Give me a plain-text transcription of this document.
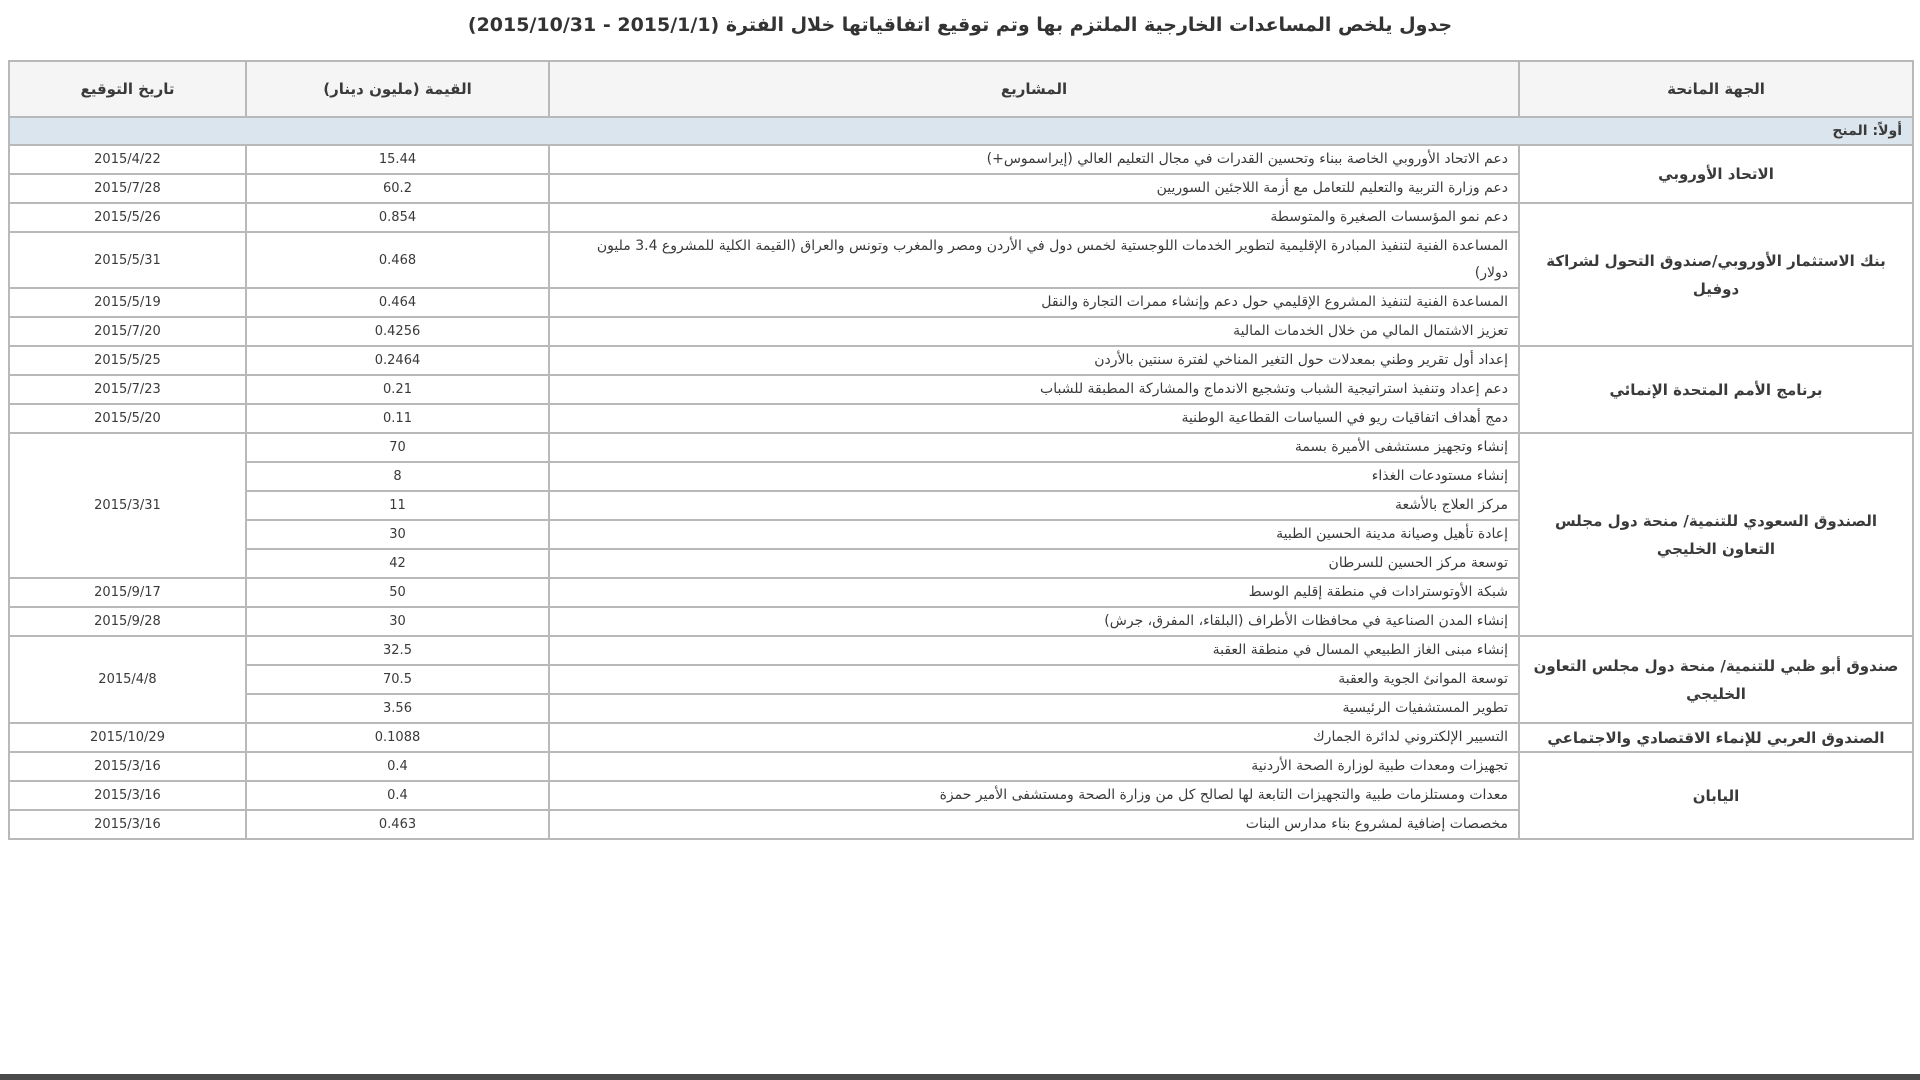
جدول يلخص المساعدات الخارجية الملتزم بها وتم توقيع اتفاقياتها خلال الفترة (2015/1/1 - 2015/10/31)
الجهة المانحة	المشاريع	القيمة (مليون دينار)	تاريخ التوقيع
أولاً: المنح			
الاتحاد الأوروبي	دعم الاتحاد الأوروبي الخاصة ببناء وتحسين القدرات في مجال التعليم العالي (إيراسموس+)	15.44	2015/4/22
	دعم وزارة التربية والتعليم للتعامل مع أزمة اللاجئين السوريين	60.2	2015/7/28
بنك الاستثمار الأوروبي/صندوق التحول لشراكة دوفيل	دعم نمو المؤسسات الصغيرة والمتوسطة	0.854	2015/5/26
	المساعدة الفنية لتنفيذ المبادرة الإقليمية لتطوير الخدمات اللوجستية لخمس دول في الأردن ومصر والمغرب وتونس والعراق (القيمة الكلية للمشروع 3.4 مليون دولار)	0.468	2015/5/31
	المساعدة الفنية لتنفيذ المشروع الإقليمي حول دعم وإنشاء ممرات التجارة والنقل	0.464	2015/5/19
	تعزيز الاشتمال المالي من خلال الخدمات المالية	0.4256	2015/7/20
برنامج الأمم المتحدة الإنمائي	إعداد أول تقرير وطني بمعدلات حول التغير المناخي لفترة سنتين بالأردن	0.2464	2015/5/25
	دعم إعداد وتنفيذ استراتيجية الشباب وتشجيع الاندماج والمشاركة المطبقة للشباب	0.21	2015/7/23
	دمج أهداف اتفاقيات ريو في السياسات القطاعية الوطنية	0.11	2015/5/20
الصندوق السعودي للتنمية/ منحة دول مجلس التعاون الخليجي	إنشاء وتجهيز مستشفى الأميرة بسمة	70	2015/3/31
	إنشاء مستودعات الغذاء	8	
	مركز العلاج بالأشعة	11	
	إعادة تأهيل وصيانة مدينة الحسين الطبية	30	
	توسعة مركز الحسين للسرطان	42	
	شبكة الأوتوسترادات في منطقة إقليم الوسط	50	2015/9/17
	إنشاء المدن الصناعية في محافظات الأطراف (البلقاء، المفرق، جرش)	30	2015/9/28
صندوق أبو ظبي للتنمية/ منحة دول مجلس التعاون الخليجي	إنشاء مبنى الغاز الطبيعي المسال في منطقة العقبة	32.5	2015/4/8
	توسعة الموانئ الجوية والعقبة	70.5	
	تطوير المستشفيات الرئيسية	3.56	
الصندوق العربي للإنماء الاقتصادي والاجتماعي	التسيير الإلكتروني لدائرة الجمارك	0.1088	2015/10/29
اليابان	تجهيزات ومعدات طبية لوزارة الصحة الأردنية	0.4	2015/3/16
	معدات ومستلزمات طبية والتجهيزات التابعة لها لصالح كل من وزارة الصحة ومستشفى الأمير حمزة	0.4	2015/3/16
	مخصصات إضافية لمشروع بناء مدارس البنات	0.463	2015/3/16
